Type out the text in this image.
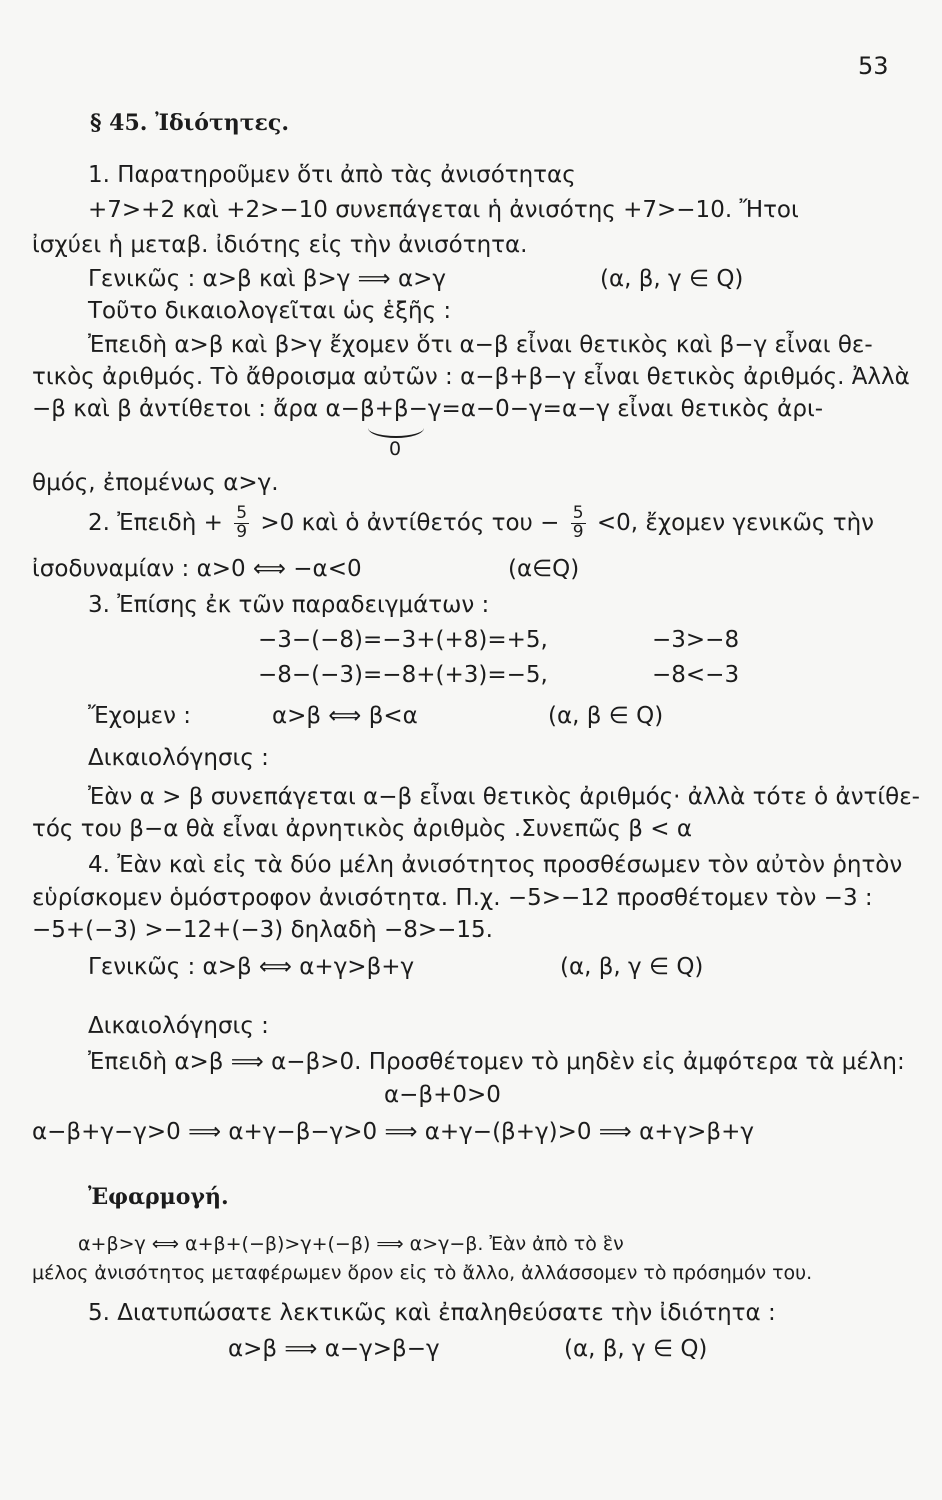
53
§ 45. Ἰδιότητες.
1. Παρατηροῦμεν ὅτι ἀπὸ τὰς ἀνισότητας
+7>+2 καὶ +2>−10 συνεπάγεται ἡ ἀνισότης +7>−10. Ἤτοι
ἰσχύει ἡ μεταβ. ἰδιότης εἰς τὴν ἀνισότητα.
Γενικῶς : α>β καὶ β>γ ⟹ α>γ	(α, β, γ ∈ Q)
Τοῦτο δικαιολογεῖται ὡς ἑξῆς :
Ἐπειδὴ α>β καὶ β>γ ἔχομεν ὅτι α−β εἶναι θετικὸς καὶ β−γ εἶναι θε-
τικὸς ἀριθμός. Τὸ ἄθροισμα αὐτῶν : α−β+β−γ εἶναι θετικὸς ἀριθμός. Ἀλλὰ
−β καὶ β ἀντίθετοι : ἄρα α−β+β−γ=α−0−γ=α−γ εἶναι θετικὸς ἀρι-
0
θμός, ἐπομένως α>γ.
2. Ἐπειδὴ + $\frac{5}{9} >0$ καὶ ὁ ἀντίθετός $\tau o\upsilon - \frac{5}{9} <0$, ἔχομεν γενικῶς τὴν
ἰσοδυναμίαν : α>0 ⟺ −α<0	(α∈Q)
3. Ἐπίσης ἐκ τῶν παραδειγμάτων :
−3−(−8)=−3+(+8)=+5,	−3>−8
−8−(−3)=−8+(+3)=−5,	−8<−3
Ἔχομεν :	α>β ⟺ β<α	(α, β ∈ Q)
Δικαιολόγησις :
Ἐὰν α > β συνεπάγεται α−β εἶναι θετικὸς ἀριθμός· ἀλλὰ τότε ὁ ἀντίθε-
τός του β−α θὰ εἶναι ἀρνητικὸς ἀριθμὸς .Συνεπῶς β < α
4. Ἐὰν καὶ εἰς τὰ δύο μέλη ἀνισότητος προσθέσωμεν τὸν αὐτὸν ῥητὸν
εὑρίσκομεν ὁμόστροφον ἀνισότητα. Π.χ. −5>−12 προσθέτομεν τὸν −3 :
−5+(−3) >−12+(−3) δηλαδὴ −8>−15.
Γενικῶς : α>β ⟺ α+γ>β+γ	(α, β, γ ∈ Q)
Δικαιολόγησις :
Ἐπειδὴ α>β ⟹ α−β>0. Προσθέτομεν τὸ μηδὲν εἰς ἀμφότερα τὰ μέλη:
α−β+0>0
α−β+γ−γ>0 ⟹ α+γ−β−γ>0 ⟹ α+γ−(β+γ)>0 ⟹ α+γ>β+γ
Ἐφαρμογή.
α+β>γ ⟺ α+β+(−β)>γ+(−β) ⟹ α>γ−β. Ἐὰν ἀπὸ τὸ ἓν
μέλος ἀνισότητος μεταφέρωμεν ὅρον εἰς τὸ ἄλλο, ἀλλάσσομεν τὸ πρόσημόν του.
5. Διατυπώσατε λεκτικῶς καὶ ἐπαληθεύσατε τὴν ἰδιότητα :
α>β ⟹ α−γ>β−γ	(α, β, γ ∈ Q)
